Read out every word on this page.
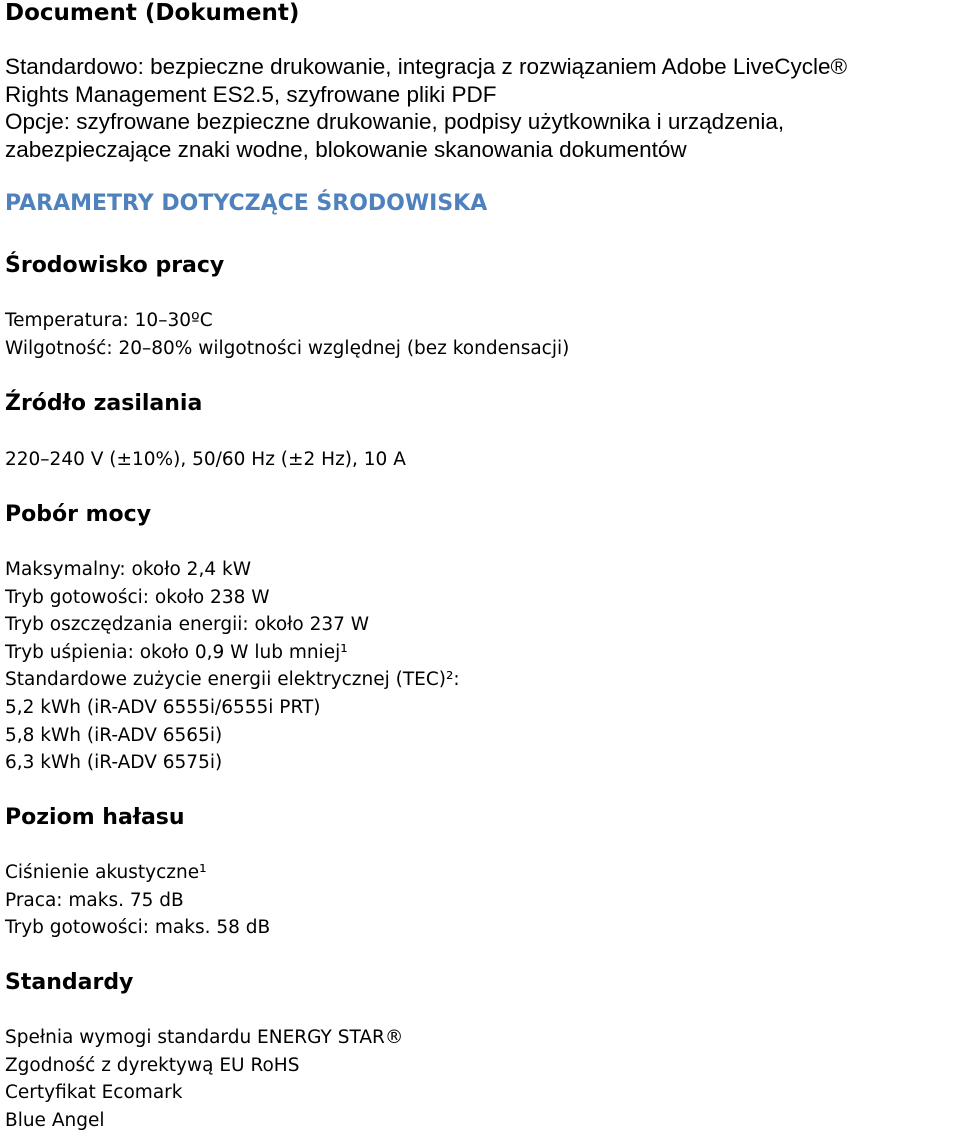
Document (Dokument)
Standardowo: bezpieczne drukowanie, integracja z rozwiązaniem Adobe LiveCycle®
Rights Management ES2.5, szyfrowane pliki PDF
Opcje: szyfrowane bezpieczne drukowanie, podpisy użytkownika i urządzenia,
zabezpieczające znaki wodne, blokowanie skanowania dokumentów
PARAMETRY DOTYCZĄCE ŚRODOWISKA
Środowisko pracy
Temperatura: 10–30ºC
Wilgotność: 20–80% wilgotności względnej (bez kondensacji)
Źródło zasilania
220–240 V (±10%), 50/60 Hz (±2 Hz), 10 A
Pobór mocy
Maksymalny: około 2,4 kW
Tryb gotowości: około 238 W
Tryb oszczędzania energii: około 237 W
Tryb uśpienia: około 0,9 W lub mniej¹
Standardowe zużycie energii elektrycznej (TEC)²:
5,2 kWh (iR-ADV 6555i/6555i PRT)
5,8 kWh (iR-ADV 6565i)
6,3 kWh (iR-ADV 6575i)
Poziom hałasu
Ciśnienie akustyczne¹
Praca: maks. 75 dB
Tryb gotowości: maks. 58 dB
Standardy
Spełnia wymogi standardu ENERGY STAR®
Zgodność z dyrektywą EU RoHS
Certyfikat Ecomark
Blue Angel
